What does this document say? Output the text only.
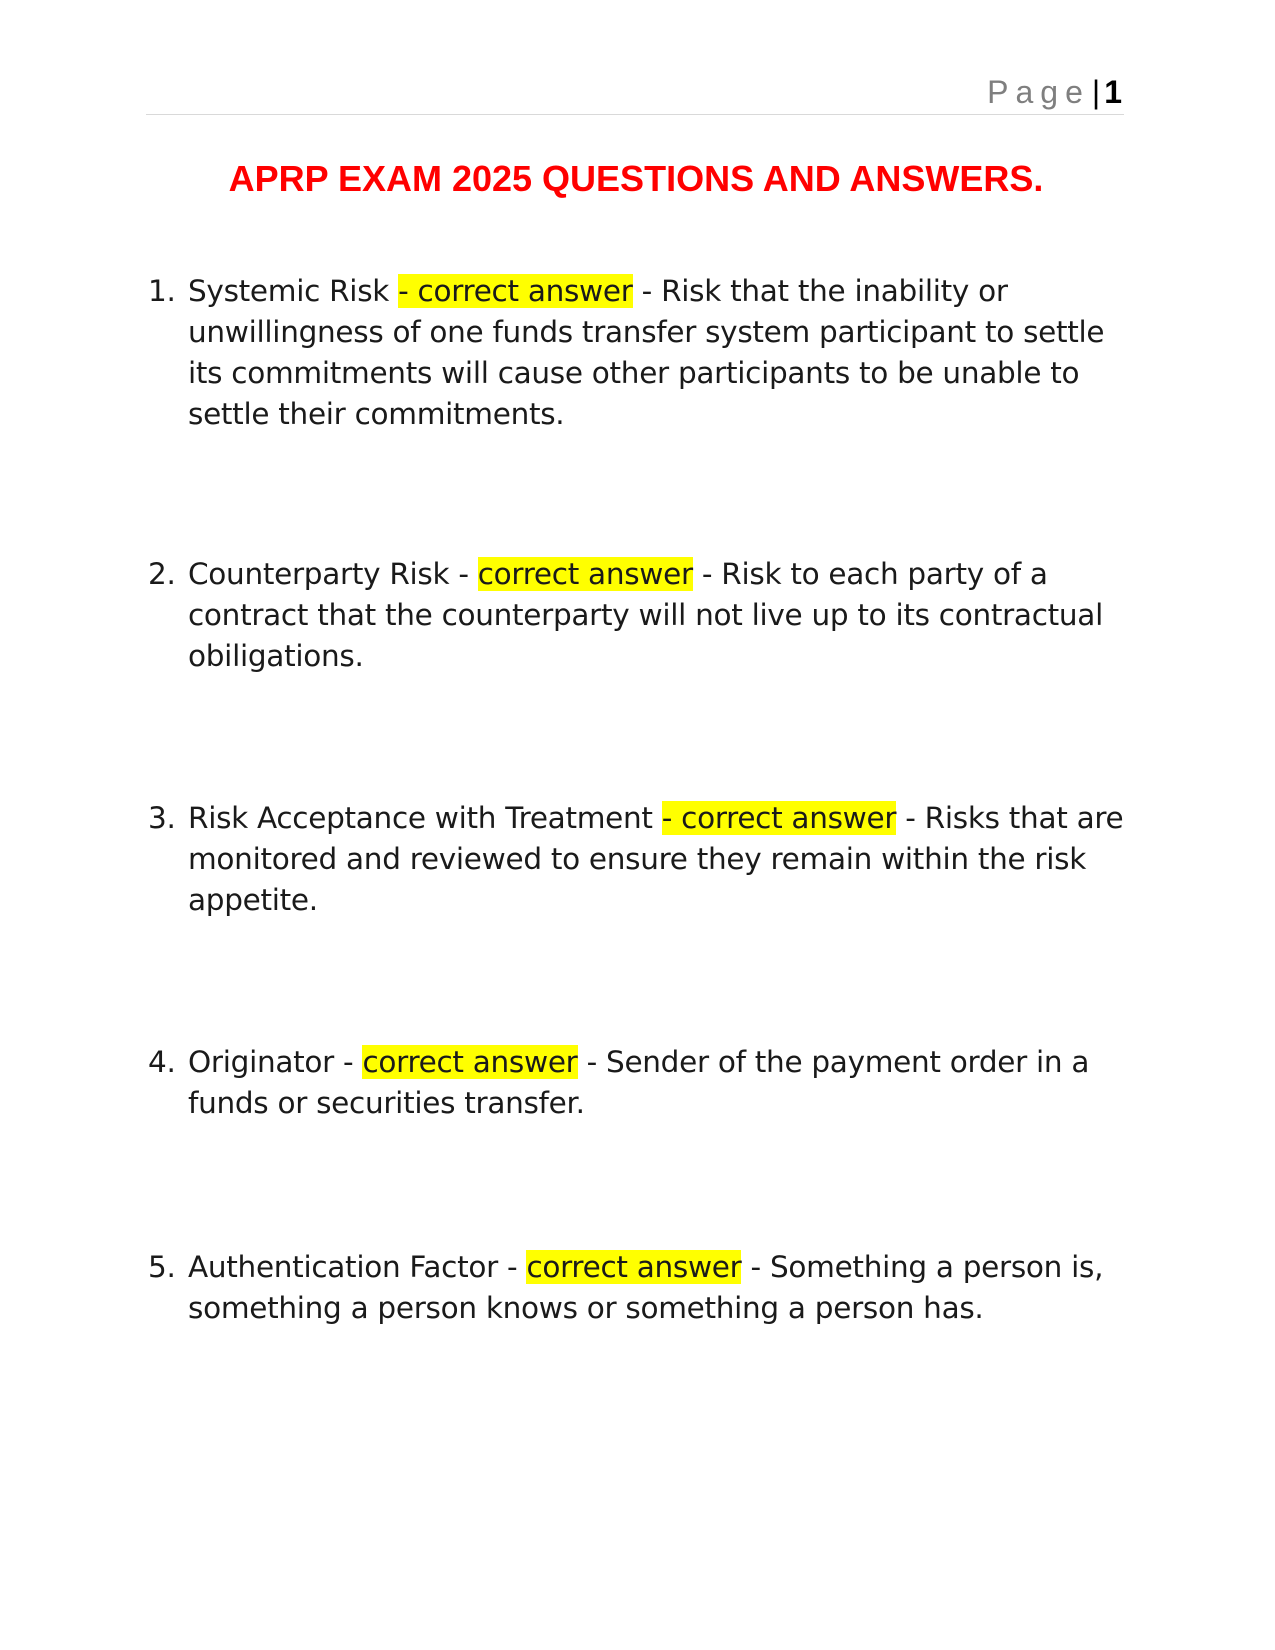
Page| 1
APRP EXAM 2025 QUESTIONS AND ANSWERS.
1. Systemic Risk - correct answer - Risk that the inability or unwillingness of one funds transfer system participant to settle its commitments will cause other participants to be unable to settle their commitments.
2. Counterparty Risk - correct answer - Risk to each party of a contract that the counterparty will not live up to its contractual obiligations.
3. Risk Acceptance with Treatment - correct answer - Risks that are monitored and reviewed to ensure they remain within the risk appetite.
4. Originator - correct answer - Sender of the payment order in a funds or securities transfer.
5. Authentication Factor - correct answer - Something a person is, something a person knows or something a person has.
